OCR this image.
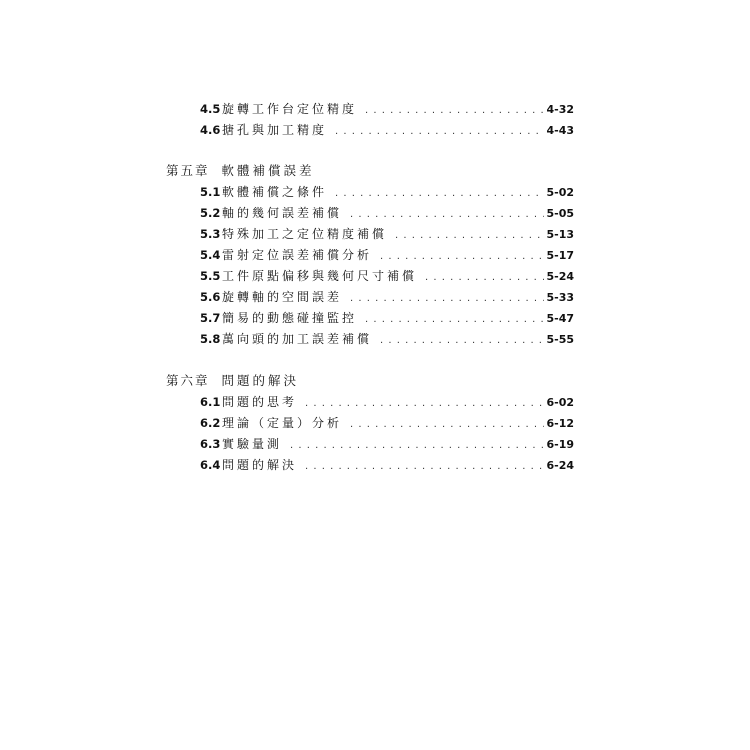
4.5 旋轉工作台定位精度 . . .	4-32
4.6 搪孔與加工精度 . . .	4-43
第五章 軟體補償誤差
5.1 軟體補償之條件 . . .	5-02
5.2 軸的幾何誤差補償 . . .	5-05
5.3 特殊加工之定位精度補償 . . .	5-13
5.4 雷射定位誤差補償分析 . . .	5-17
5.5 工件原點偏移與幾何尺寸補償 . . .	5-24
5.6 旋轉軸的空間誤差 . . .	5-33
5.7 簡易的動態碰撞監控 . . .	5-47
5.8 萬向頭的加工誤差補償 . . .	5-55
第六章 問題的解決
6.1 問題的思考 . . .	6-02
6.2 理論（定量）分析 . . .	6-12
6.3 實驗量測 . . .	6-19
6.4 問題的解決 . . .	6-24
